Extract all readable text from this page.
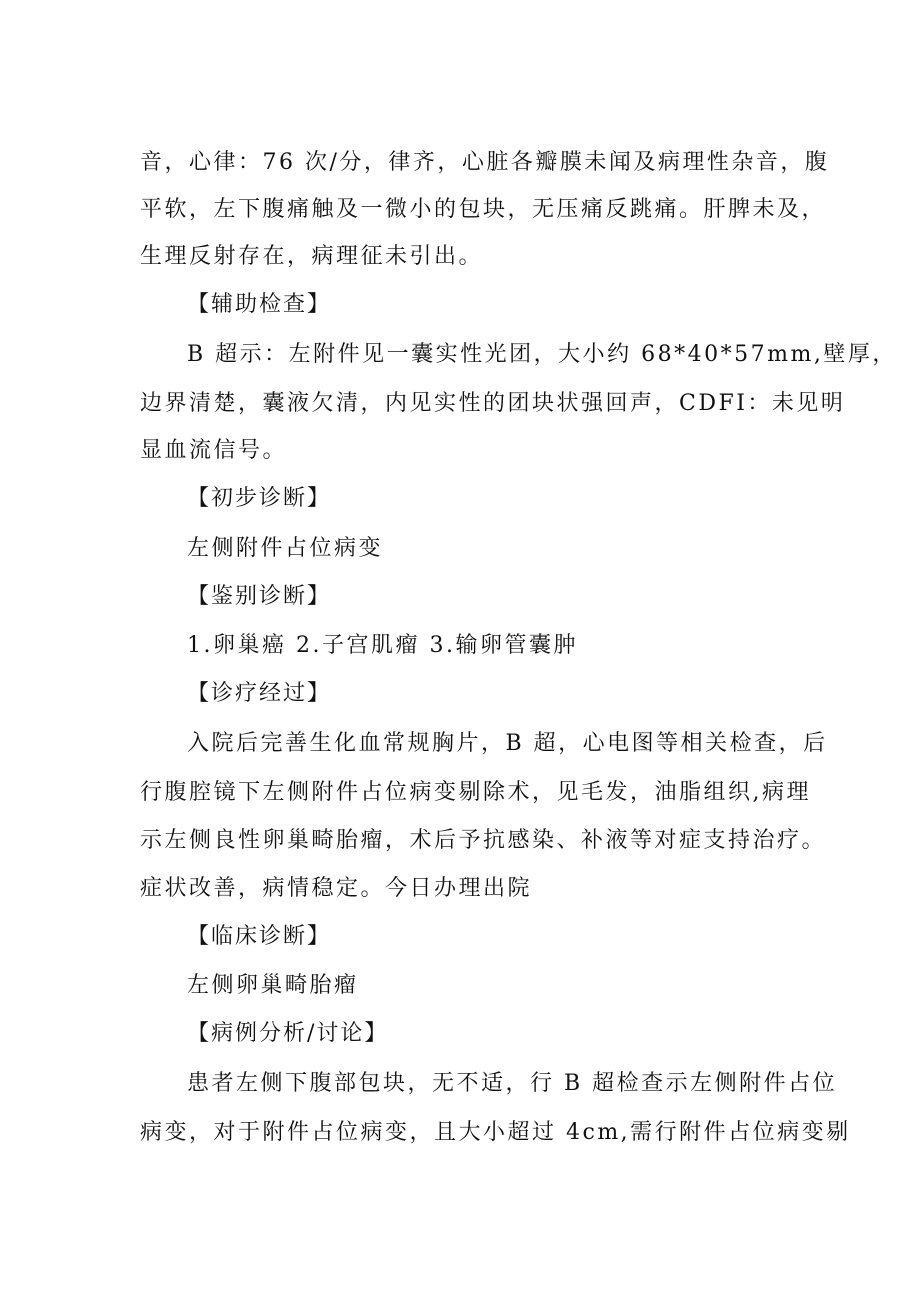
音，心律：76 次/分，律齐，心脏各瓣膜未闻及病理性杂音，腹
平软，左下腹痛触及一微小的包块，无压痛反跳痛。肝脾未及，
生理反射存在，病理征未引出。
【辅助检查】
B 超示：左附件见一囊实性光团，大小约 68*40*57mm,壁厚，
边界清楚，囊液欠清，内见实性的团块状强回声，CDFI：未见明
显血流信号。
【初步诊断】
左侧附件占位病变
【鉴别诊断】
1.卵巢癌 2.子宫肌瘤 3.输卵管囊肿
【诊疗经过】
入院后完善生化血常规胸片，B 超，心电图等相关检查，后
行腹腔镜下左侧附件占位病变剔除术，见毛发，油脂组织,病理
示左侧良性卵巢畸胎瘤，术后予抗感染、补液等对症支持治疗。
症状改善，病情稳定。今日办理出院
【临床诊断】
左侧卵巢畸胎瘤
【病例分析/讨论】
患者左侧下腹部包块，无不适，行 B 超检查示左侧附件占位
病变，对于附件占位病变，且大小超过 4cm,需行附件占位病变剔
